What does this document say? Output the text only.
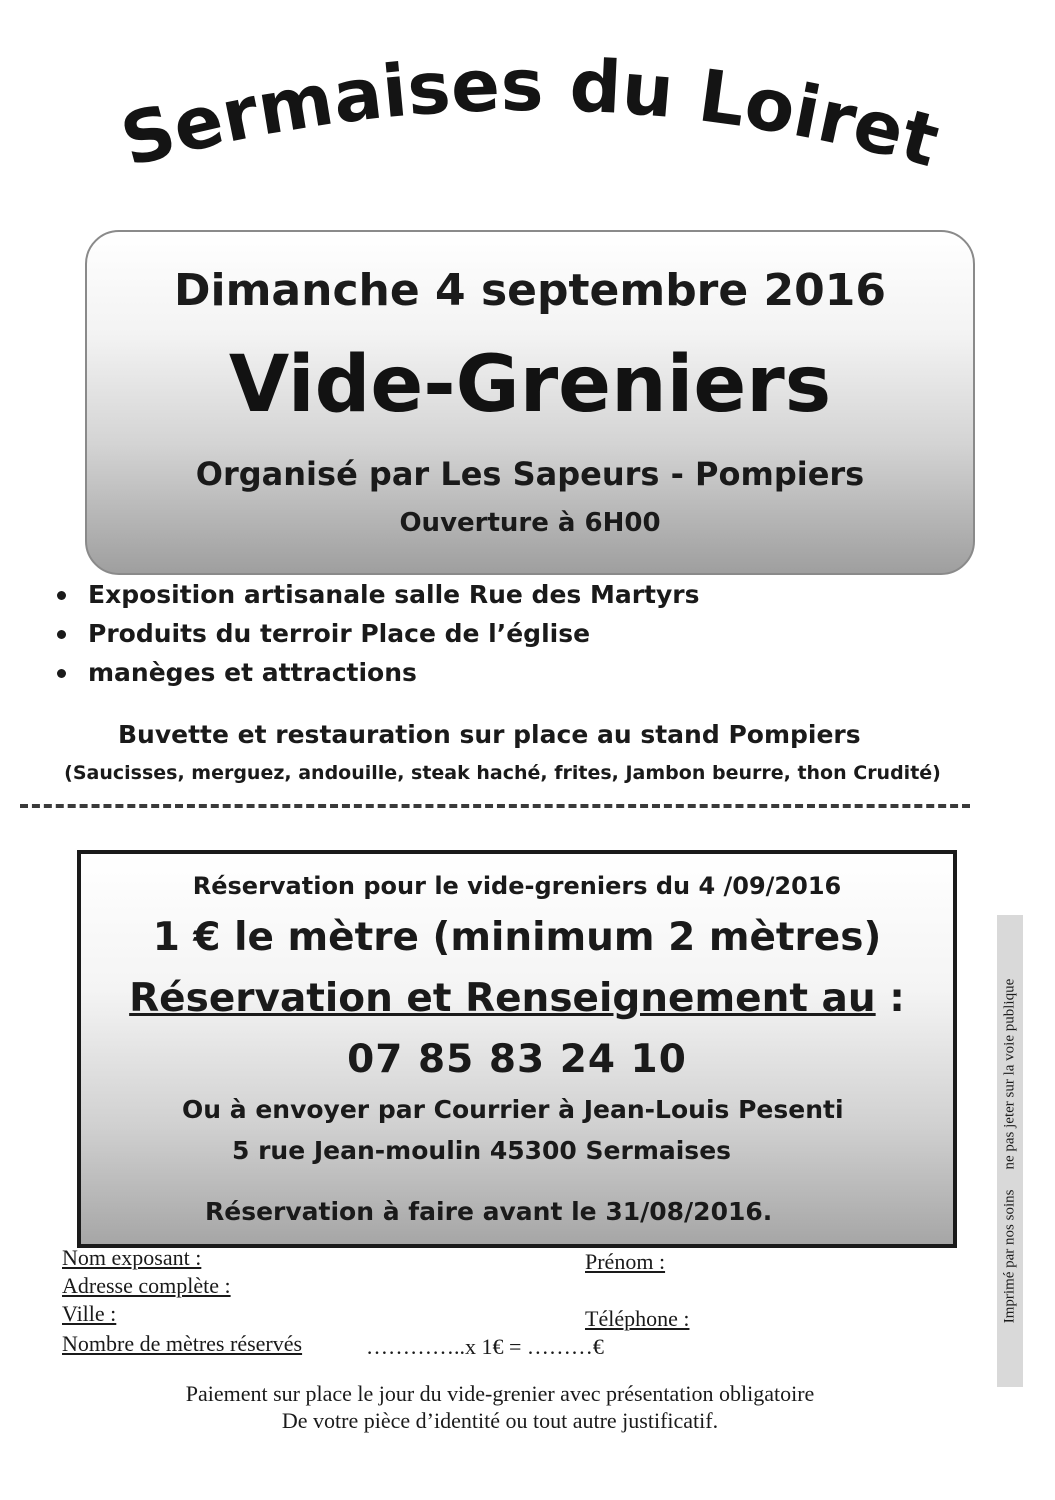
Sermaises du Loiret
Dimanche 4 septembre 2016
Vide-Greniers
Organisé par Les Sapeurs - Pompiers
Ouverture à 6H00
Exposition artisanale salle Rue des Martyrs
Produits du terroir Place de l’église
manèges et attractions
Buvette et restauration sur place au stand Pompiers
(Saucisses, merguez, andouille, steak haché, frites, Jambon beurre, thon Crudité)
Réservation pour le vide-greniers du 4 /09/2016
1 € le mètre (minimum 2 mètres)
Réservation et Renseignement au :
07 85 83 24 10
Ou à envoyer par Courrier à Jean-Louis Pesenti
5 rue Jean-moulin 45300 Sermaises
Réservation à faire avant le 31/08/2016.
Nom exposant :	Prénom :
Adresse complète :
Ville :	Téléphone :
Nombre de mètres réservés	…………..x 1€ = ………€
Paiement sur place le jour du vide-grenier avec présentation obligatoire
De votre pièce d’identité ou tout autre justificatif.
Imprimé par nos soinsne pas jeter sur la voie publique
